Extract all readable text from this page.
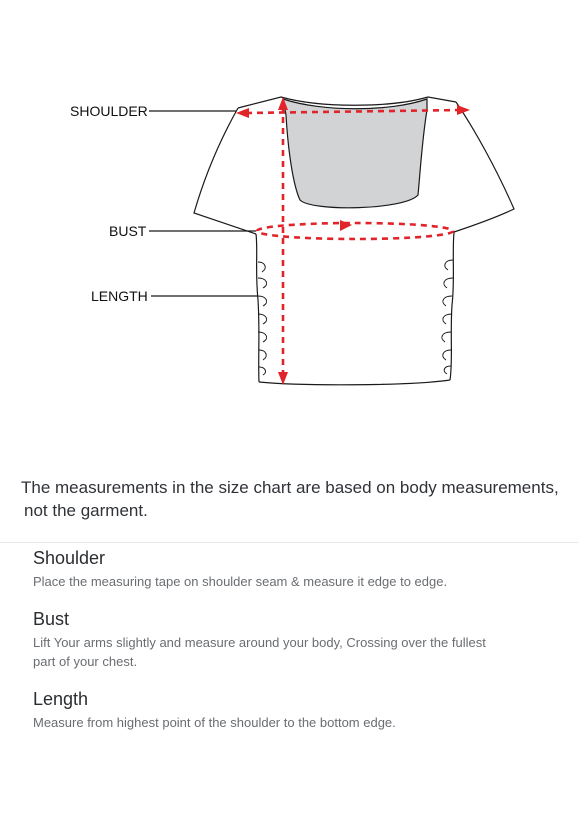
SHOULDER
BUST
LENGTH

The measurements in the size chart are based on body measurements,
not the garment.

Shoulder

Place the measuring tape on shoulder seam & measure it edge to edge.

Bust

Lift Your arms slightly and measure around your body, Crossing over the fullest
part of your chest.

Length

Measure from highest point of the shoulder to the bottom edge.
